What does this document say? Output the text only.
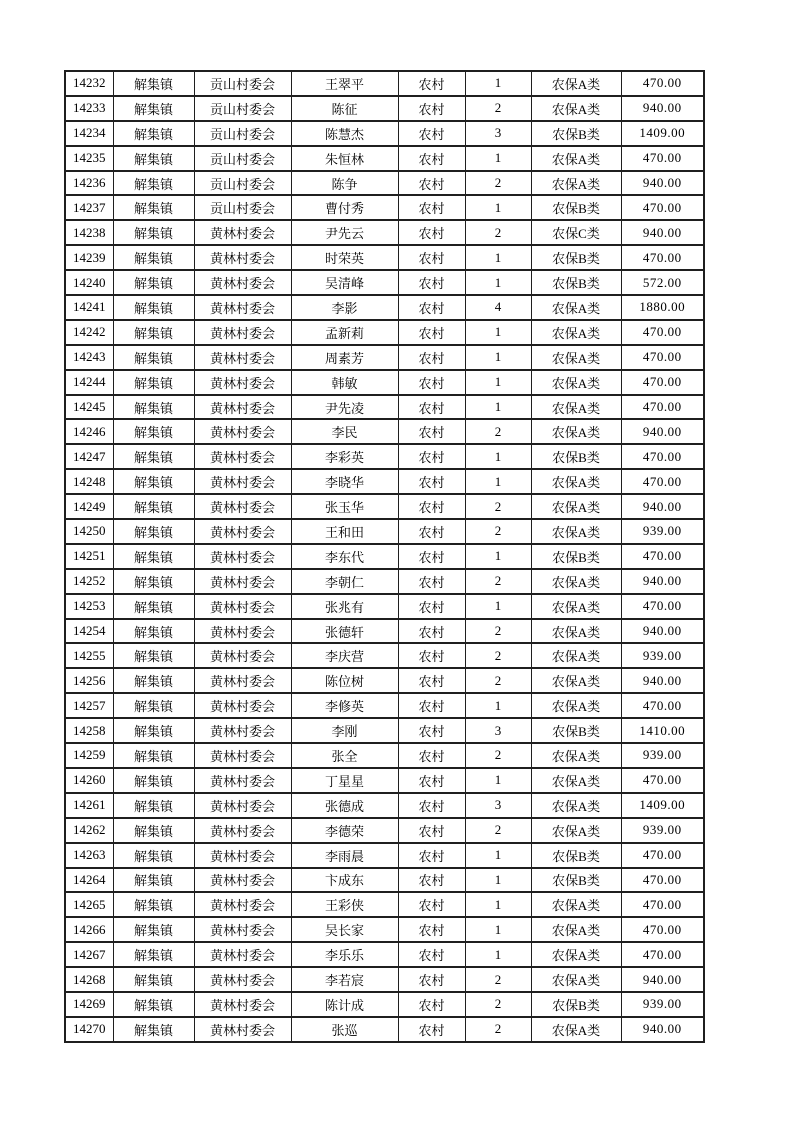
14232	解集镇	贡山村委会	王翠平	农村	1	农保A类	470.00
14233	解集镇	贡山村委会	陈征	农村	2	农保A类	940.00
14234	解集镇	贡山村委会	陈慧杰	农村	3	农保B类	1409.00
14235	解集镇	贡山村委会	朱恒林	农村	1	农保A类	470.00
14236	解集镇	贡山村委会	陈争	农村	2	农保A类	940.00
14237	解集镇	贡山村委会	曹付秀	农村	1	农保B类	470.00
14238	解集镇	黄林村委会	尹先云	农村	2	农保C类	940.00
14239	解集镇	黄林村委会	时荣英	农村	1	农保B类	470.00
14240	解集镇	黄林村委会	吴清峰	农村	1	农保B类	572.00
14241	解集镇	黄林村委会	李影	农村	4	农保A类	1880.00
14242	解集镇	黄林村委会	孟新莉	农村	1	农保A类	470.00
14243	解集镇	黄林村委会	周素芳	农村	1	农保A类	470.00
14244	解集镇	黄林村委会	韩敏	农村	1	农保A类	470.00
14245	解集镇	黄林村委会	尹先凌	农村	1	农保A类	470.00
14246	解集镇	黄林村委会	李民	农村	2	农保A类	940.00
14247	解集镇	黄林村委会	李彩英	农村	1	农保B类	470.00
14248	解集镇	黄林村委会	李晓华	农村	1	农保A类	470.00
14249	解集镇	黄林村委会	张玉华	农村	2	农保A类	940.00
14250	解集镇	黄林村委会	王和田	农村	2	农保A类	939.00
14251	解集镇	黄林村委会	李东代	农村	1	农保B类	470.00
14252	解集镇	黄林村委会	李朝仁	农村	2	农保A类	940.00
14253	解集镇	黄林村委会	张兆有	农村	1	农保A类	470.00
14254	解集镇	黄林村委会	张德轩	农村	2	农保A类	940.00
14255	解集镇	黄林村委会	李庆营	农村	2	农保A类	939.00
14256	解集镇	黄林村委会	陈位树	农村	2	农保A类	940.00
14257	解集镇	黄林村委会	李修英	农村	1	农保A类	470.00
14258	解集镇	黄林村委会	李刚	农村	3	农保B类	1410.00
14259	解集镇	黄林村委会	张全	农村	2	农保A类	939.00
14260	解集镇	黄林村委会	丁星星	农村	1	农保A类	470.00
14261	解集镇	黄林村委会	张德成	农村	3	农保A类	1409.00
14262	解集镇	黄林村委会	李德荣	农村	2	农保A类	939.00
14263	解集镇	黄林村委会	李雨晨	农村	1	农保B类	470.00
14264	解集镇	黄林村委会	卞成东	农村	1	农保B类	470.00
14265	解集镇	黄林村委会	王彩侠	农村	1	农保A类	470.00
14266	解集镇	黄林村委会	吴长家	农村	1	农保A类	470.00
14267	解集镇	黄林村委会	李乐乐	农村	1	农保A类	470.00
14268	解集镇	黄林村委会	李若宸	农村	2	农保A类	940.00
14269	解集镇	黄林村委会	陈计成	农村	2	农保B类	939.00
14270	解集镇	黄林村委会	张巡	农村	2	农保A类	940.00
